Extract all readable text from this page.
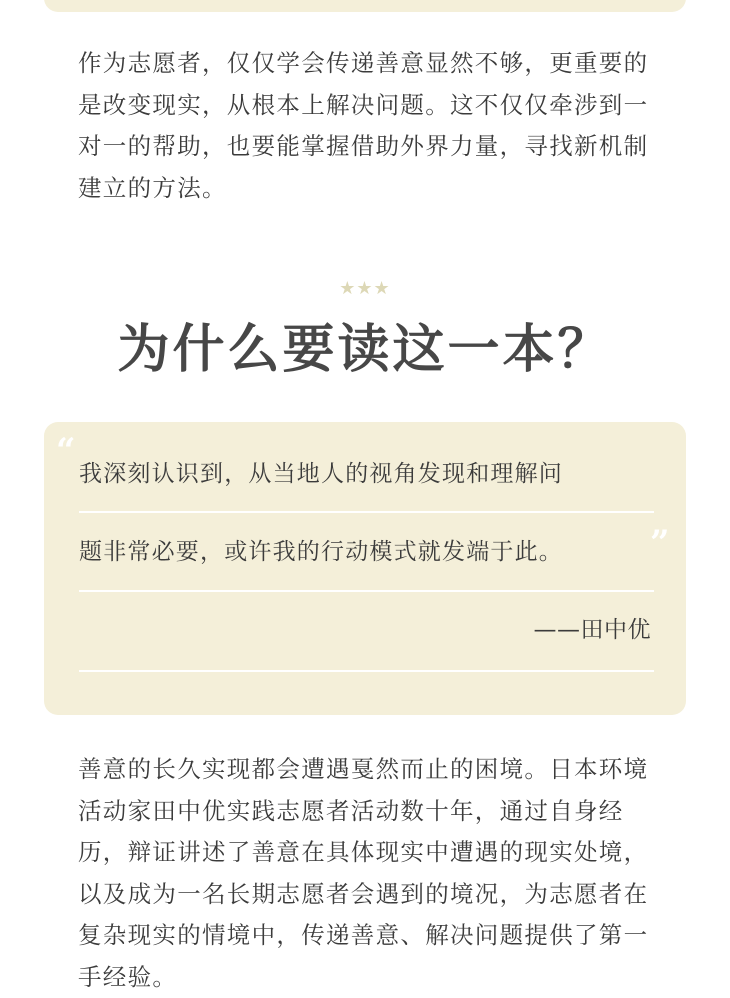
作为志愿者，仅仅学会传递善意显然不够，更重要的是改变现实，从根本上解决问题。这不仅仅牵涉到一对一的帮助，也要能掌握借助外界力量，寻找新机制建立的方法。

★★★
为什么要读这一本？
“
”
我深刻认识到，从当地人的视角发现和理解问
题非常必要，或许我的行动模式就发端于此。
——田中优

善意的长久实现都会遭遇戛然而止的困境。日本环境活动家田中优实践志愿者活动数十年，通过自身经历，辩证讲述了善意在具体现实中遭遇的现实处境，以及成为一名长期志愿者会遇到的境况，为志愿者在复杂现实的情境中，传递善意、解决问题提供了第一手经验。
